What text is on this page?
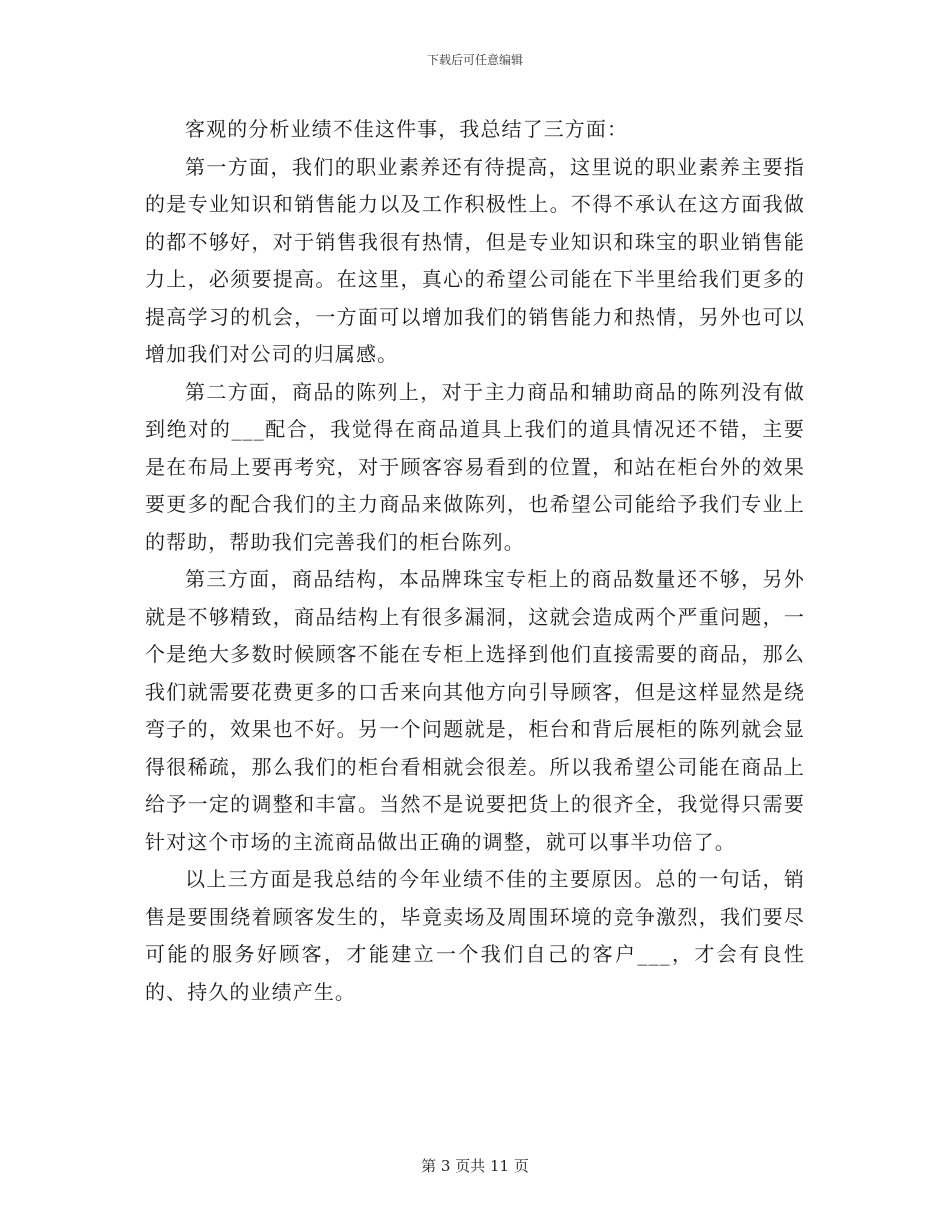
下载后可任意编辑

客观的分析业绩不佳这件事，我总结了三方面：

第一方面，我们的职业素养还有待提高，这里说的职业素养主要指的是专业知识和销售能力以及工作积极性上。不得不承认在这方面我做的都不够好，对于销售我很有热情，但是专业知识和珠宝的职业销售能力上，必须要提高。在这里，真心的希望公司能在下半里给我们更多的提高学习的机会，一方面可以增加我们的销售能力和热情，另外也可以增加我们对公司的归属感。

第二方面，商品的陈列上，对于主力商品和辅助商品的陈列没有做到绝对的___配合，我觉得在商品道具上我们的道具情况还不错，主要是在布局上要再考究，对于顾客容易看到的位置，和站在柜台外的效果要更多的配合我们的主力商品来做陈列，也希望公司能给予我们专业上的帮助，帮助我们完善我们的柜台陈列。

第三方面，商品结构，本品牌珠宝专柜上的商品数量还不够，另外就是不够精致，商品结构上有很多漏洞，这就会造成两个严重问题，一个是绝大多数时候顾客不能在专柜上选择到他们直接需要的商品，那么我们就需要花费更多的口舌来向其他方向引导顾客，但是这样显然是绕弯子的，效果也不好。另一个问题就是，柜台和背后展柜的陈列就会显得很稀疏，那么我们的柜台看相就会很差。所以我希望公司能在商品上给予一定的调整和丰富。当然不是说要把货上的很齐全，我觉得只需要针对这个市场的主流商品做出正确的调整，就可以事半功倍了。

以上三方面是我总结的今年业绩不佳的主要原因。总的一句话，销售是要围绕着顾客发生的，毕竟卖场及周围环境的竞争激烈，我们要尽可能的服务好顾客，才能建立一个我们自己的客户___，才会有良性的、持久的业绩产生。

第 3 页共 11 页
